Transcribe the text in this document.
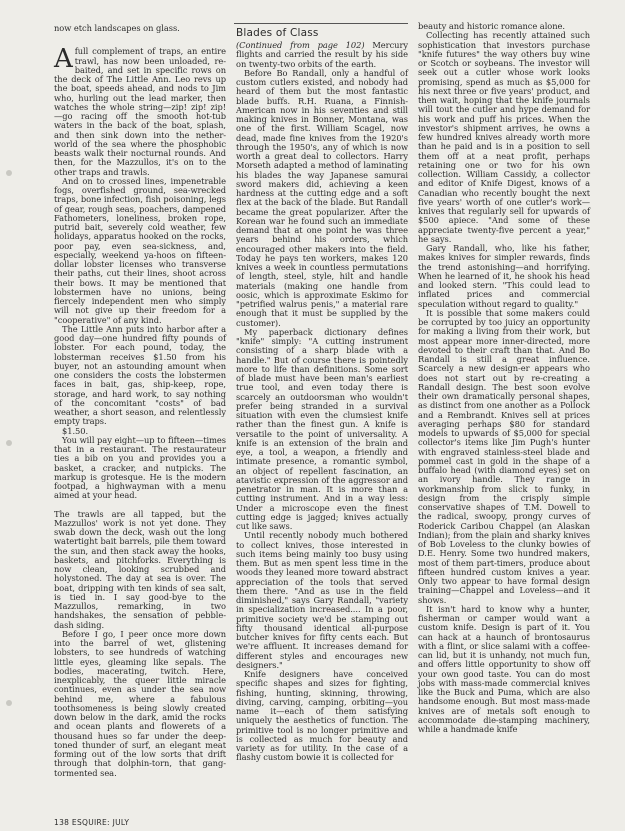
Blades of Class

now etch landscapes on glass.

Afull complement of traps, an entire trawl, has now been unloaded, re-baited, and set in specific rows on the deck of The Little Ann. Leo revs up the boat, speeds ahead, and nods to Jim who, hurling out the lead marker, then watches the whole string—zip! zip! zip!—go racing off the smooth hot-tub waters in the back of the boat, splash, and then sink down into the nether-world of the sea where the phosphobic beasts walk their nocturnal rounds. And then, for the Mazzullos, it's on to the other traps and trawls.

And on to crossed lines, impenetrable fogs, overfished ground, sea-wrecked traps, bone infection, fish poisoning, legs of gear, rough seas, poachers, dampened Fathometers, loneliness, broken rope, putrid bait, severely cold weather, few holidays, apparatus hooked on the rocks, poor pay, even sea-sickness, and, especially, weekend ya-hoos on fifteen-dollar lobster licenses who transverse their paths, cut their lines, shoot across their bows. It may be mentioned that lobstermen have no unions, being fiercely independent men who simply will not give up their freedom for a "cooperative" of any kind.

The Little Ann puts into harbor after a good day—one hundred fifty pounds of lobster. For each pound, today, the lobsterman receives $1.50 from his buyer, not an astounding amount when one considers the costs the lobstermen faces in bait, gas, ship-keep, rope, storage, and hard work, to say nothing of the concomitant "costs" of bad weather, a short season, and relentlessly empty traps.

$1.50.

You will pay eight—up to fifteen—times that in a restaurant. The restaurateur ties a bib on you and provides you a basket, a cracker, and nutpicks. The markup is grotesque. He is the modern footpad, a highwayman with a menu aimed at your head.

The trawls are all tapped, but the Mazzullos' work is not yet done. They swab down the deck, wash out the long watertight bait barrels, pile them toward the sun, and then stack away the hooks, baskets, and pitchforks. Everything is now clean, looking scrubbed and holystoned. The day at sea is over. The boat, dripping with ten kinds of sea salt, is tied in. I say good-bye to the Mazzullos, remarking, in two handshakes, the sensation of pebble-dash siding.

Before I go, I peer once more down into the barrel of wet, glistening lobsters, to see hundreds of watching little eyes, gleaming like sepals. The bodies, macerating, twitch. Here, inexplicably, the queer little miracle continues, even as under the sea now behind me, where a fabulous toothsomeness is being slowly created down below in the dark, amid the rocks and ocean plants and flowerets of a thousand hues so far under the deep-toned thunder of surf, an elegant meat forming out of the low sorts that drift through that dolphin-torn, that gang-tormented sea.

(Continued from page 102) Mercury flights and carried the result by his side on twenty-two orbits of the earth.

Before Bo Randall, only a handful of custom cutlers existed, and nobody had heard of them but the most fantastic blade buffs. R.H. Ruana, a Finnish-American now in his seventies and still making knives in Bonner, Montana, was one of the first. William Scagel, now dead, made fine knives from the 1920's through the 1950's, any of which is now worth a great deal to collectors. Harry Morseth adapted a method of laminating his blades the way Japanese samurai sword makers did, achieving a keen hardness at the cutting edge and a soft flex at the back of the blade. But Randall became the great popularizer. After the Korean war he found such an immediate demand that at one point he was three years behind his orders, which encouraged other makers into the field. Today he pays ten workers, makes 120 knives a week in countless permutations of length, steel, style, hilt and handle materials (making one handle from oosic, which is approximate Eskimo for "petrified walrus penis," a material rare enough that it must be supplied by the customer).

My paperback dictionary defines "knife" simply: "A cutting instrument consisting of a sharp blade with a handle." But of course there is pointedly more to life than definitions. Some sort of blade must have been man's earliest true tool, and even today there is scarcely an outdoorsman who wouldn't prefer being stranded in a survival situation with even the clumsiest knife rather than the finest gun. A knife is versatile to the point of universality. A knife is an extension of the brain and eye, a tool, a weapon, a friendly and intimate presence, a romantic symbol, an object of repellent fascination, an atavistic expression of the aggressor and penetrator in man. It is more than a cutting instrument. And in a way less: Under a microscope even the finest cutting edge is jagged; knives actually cut like saws.

Until recently nobody much bothered to collect knives, those interested in such items being mainly too busy using them. But as men spent less time in the woods they leaned more toward abstract appreciation of the tools that served them there. "And as use in the field diminished," says Gary Randall, "variety in specialization increased.... In a poor, primitive society we'd be stamping out fifty thousand identical all-purpose butcher knives for fifty cents each. But we're affluent. It increases demand for different styles and encourages new designers."

Knife designers have conceived specific shapes and sizes for fighting, fishing, hunting, skinning, throwing, diving, carving, camping, orbiting—you name it—each of them satisfying uniquely the aesthetics of function. The primitive tool is no longer primitive and is collected as much for beauty and variety as for utility. In the case of a flashy custom bowie it is collected for

beauty and historic romance alone.

Collecting has recently attained such sophistication that investors purchase "knife futures" the way others buy wine or Scotch or soybeans. The investor will seek out a cutler whose work looks promising, spend as much as $5,000 for his next three or five years' product, and then wait, hoping that the knife journals will tout the cutler and hype demand for his work and puff his prices. When the investor's shipment arrives, he owns a few hundred knives already worth more than he paid and is in a position to sell them off at a neat profit, perhaps retaining one or two for his own collection. William Cassidy, a collector and editor of Knife Digest, knows of a Canadian who recently bought the next five years' worth of one cutler's work—knives that regularly sell for upwards of $500 apiece. "And some of these appreciate twenty-five percent a year," he says.

Gary Randall, who, like his father, makes knives for simpler rewards, finds the trend astonishing—and horrifying. When he learned of it, he shook his head and looked stern. "This could lead to inflated prices and commercial speculation without regard to quality."

It is possible that some makers could be corrupted by too juicy an opportunity for making a living from their work, but most appear more inner-directed, more devoted to their craft than that. And Bo Randall is still a great influence. Scarcely a new design-er appears who does not start out by re-creating a Randall design. The best soon evolve their own dramatically personal shapes, as distinct from one another as a Pollock and a Rembrandt. Knives sell at prices averaging perhaps $80 for standard models to upwards of $5,000 for special collector's items like Jim Pugh's hunter with engraved stainless-steel blade and pommel cast in gold in the shape of a buffalo head (with diamond eyes) set on an ivory handle. They range in workmanship from slick to funky, in design from the crisply simple conservative shapes of T.M. Dowell to the radical, swoopy, prongy curves of Roderick Caribou Chappel (an Alaskan Indian); from the plain and sharky knives of Bob Loveless to the clunky bowies of D.E. Henry. Some two hundred makers, most of them part-timers, produce about fifteen hundred custom knives a year. Only two appear to have formal design training—Chappel and Loveless—and it shows.

It isn't hard to know why a hunter, fisherman or camper would want a custom knife. Design is part of it. You can hack at a haunch of brontosaurus with a flint, or slice salami with a coffee-can lid, but it is unhandy, not much fun, and offers little opportunity to show off your own good taste. You can do most jobs with mass-made commercial knives like the Buck and Puma, which are also handsome enough. But most mass-made knives are of metals soft enough to accommodate die-stamping machinery, while a handmade knife

138 ESQUIRE: JULY
